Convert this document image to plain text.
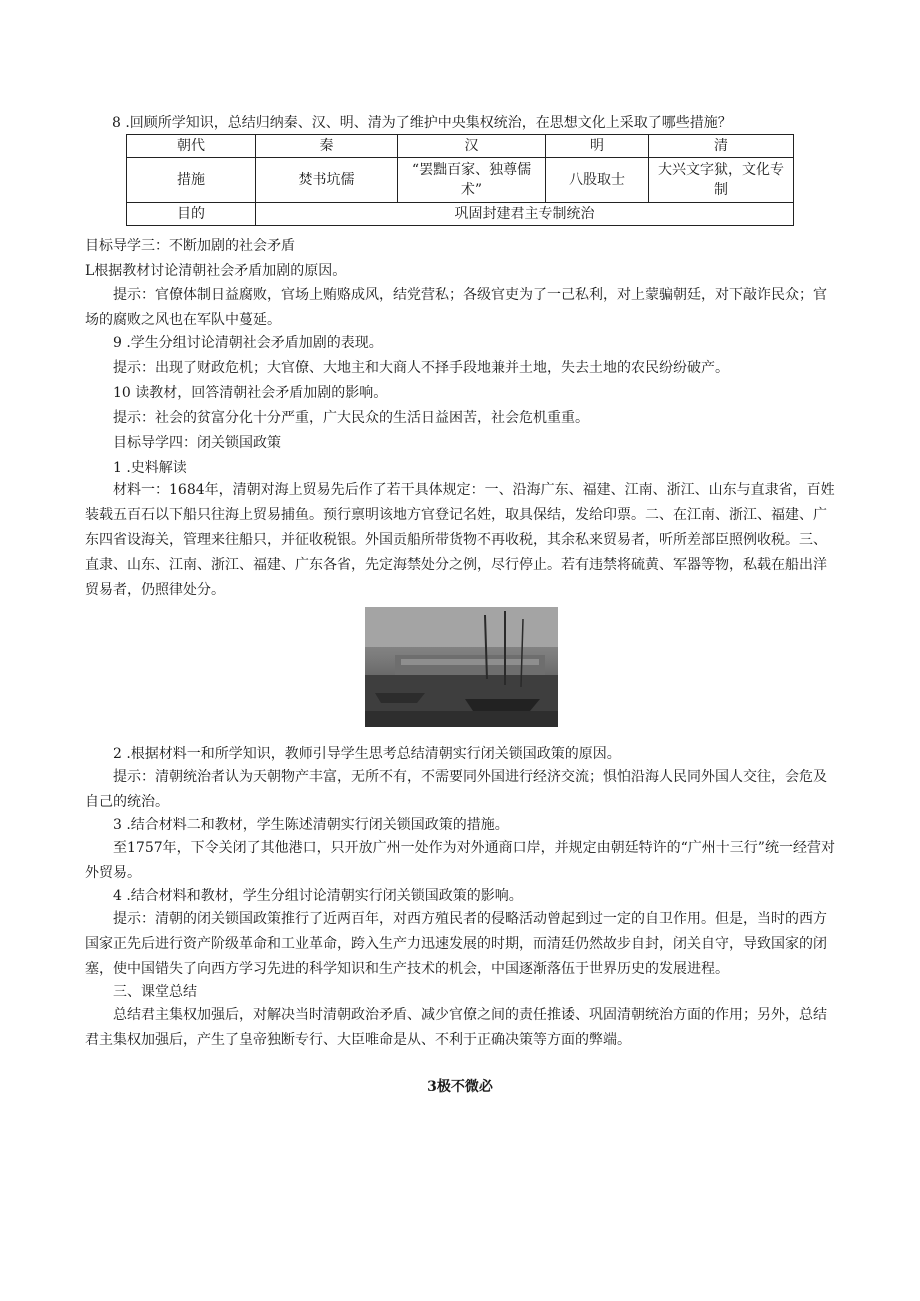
8 .回顾所学知识，总结归纳秦、汉、明、清为了维护中央集权统治，在思想文化上采取了哪些措施？
朝代	秦	汉	明	清
措施	焚书坑儒	“罢黜百家、独尊儒术”	八股取士	大兴文字狱，文化专制
目的	巩固封建君主专制统治			
目标导学三：不断加剧的社会矛盾
L根据教材讨论清朝社会矛盾加剧的原因。
提示：官僚体制日益腐败，官场上贿赂成风，结党营私；各级官吏为了一己私利，对上蒙骗朝廷，对下敲诈民众；官场的腐败之风也在军队中蔓延。
9 .学生分组讨论清朝社会矛盾加剧的表现。
提示：出现了财政危机；大官僚、大地主和大商人不择手段地兼并土地，失去土地的农民纷纷破产。
10 读教材，回答清朝社会矛盾加剧的影响。
提示：社会的贫富分化十分严重，广大民众的生活日益困苦，社会危机重重。
目标导学四：闭关锁国政策
1 .史料解读
材料一：1684年，清朝对海上贸易先后作了若干具体规定：一、沿海广东、福建、江南、浙江、山东与直隶省，百姓装载五百石以下船只往海上贸易捕鱼。预行禀明该地方官登记名姓，取具保结，发给印票。二、在江南、浙江、福建、广东四省设海关，管理来往船只，并征收税银。外国贡船所带货物不再收税，其余私来贸易者，听所差部臣照例收税。三、直隶、山东、江南、浙江、福建、广东各省，先定海禁处分之例，尽行停止。若有违禁将硫黄、军器等物，私载在船出洋贸易者，仍照律处分。
2 .根据材料一和所学知识，教师引导学生思考总结清朝实行闭关锁国政策的原因。
提示：清朝统治者认为天朝物产丰富，无所不有，不需要同外国进行经济交流；惧怕沿海人民同外国人交往，会危及自己的统治。
3 .结合材料二和教材，学生陈述清朝实行闭关锁国政策的措施。
至1757年，下令关闭了其他港口，只开放广州一处作为对外通商口岸，并规定由朝廷特许的“广州十三行”统一经营对外贸易。
4 .结合材料和教材，学生分组讨论清朝实行闭关锁国政策的影响。
提示：清朝的闭关锁国政策推行了近两百年，对西方殖民者的侵略活动曾起到过一定的自卫作用。但是，当时的西方国家正先后进行资产阶级革命和工业革命，跨入生产力迅速发展的时期，而清廷仍然故步自封，闭关自守，导致国家的闭塞，使中国错失了向西方学习先进的科学知识和生产技术的机会，中国逐渐落伍于世界历史的发展进程。
三、课堂总结
总结君主集权加强后，对解决当时清朝政治矛盾、减少官僚之间的责任推诿、巩固清朝统治方面的作用；另外，总结君主集权加强后，产生了皇帝独断专行、大臣唯命是从、不利于正确决策等方面的弊端。
3极不微必
